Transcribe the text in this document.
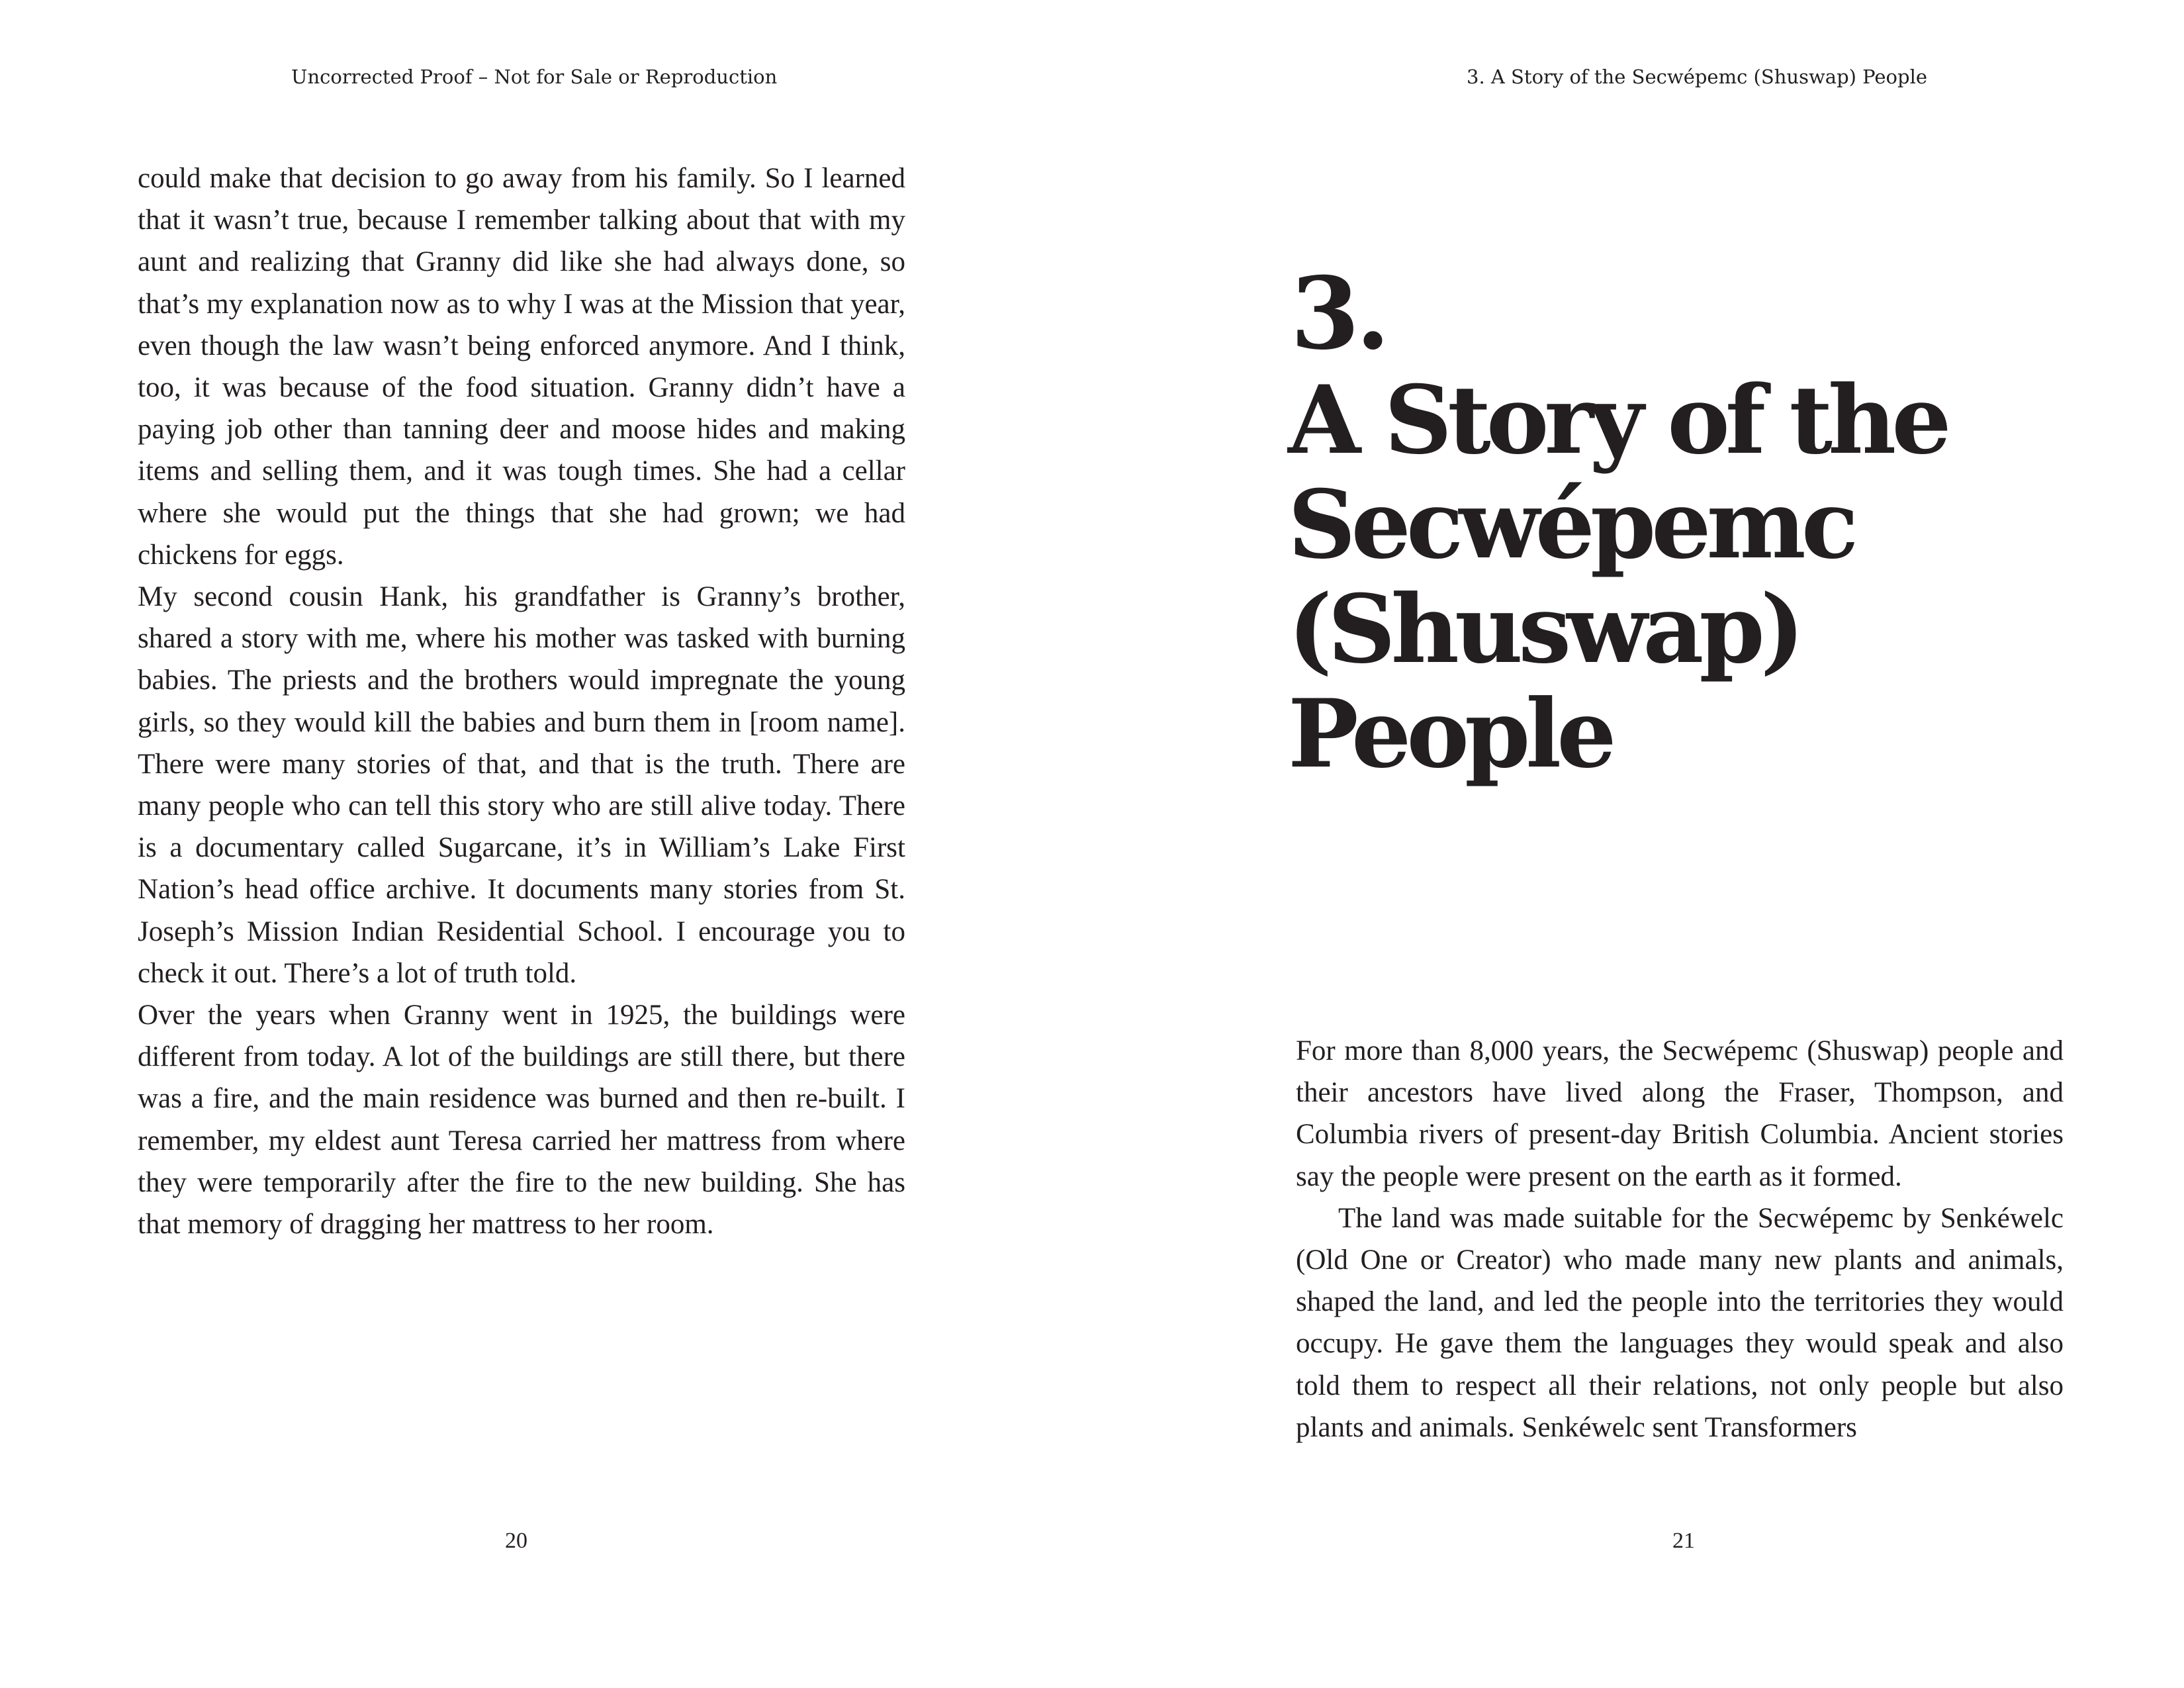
Uncorrected Proof – Not for Sale or Reproduction

could make that decision to go away from his family. So I learned that it wasn’t true, because I remember talking about that with my aunt and realizing that Granny did like she had always done, so that’s my explanation now as to why I was at the Mission that year, even though the law wasn’t being enforced anymore. And I think, too, it was because of the food situation. Granny didn’t have a paying job other than tanning deer and moose hides and making items and selling them, and it was tough times. She had a cellar where she would put the things that she had grown; we had chickens for eggs.

My second cousin Hank, his grandfather is Granny’s brother, shared a story with me, where his mother was tasked with burning babies. The priests and the brothers would impregnate the young girls, so they would kill the babies and burn them in [room name]. There were many stories of that, and that is the truth. There are many people who can tell this story who are still alive today. There is a documentary called Sugarcane, it’s in William’s Lake First Nation’s head office archive. It documents many stories from St. Joseph’s Mission Indian Residential School. I encourage you to check it out. There’s a lot of truth told.

Over the years when Granny went in 1925, the buildings were different from today. A lot of the buildings are still there, but there was a fire, and the main residence was burned and then re-built. I remember, my eldest aunt Teresa carried her mattress from where they were temporarily after the fire to the new building. She has that memory of dragging her mattress to her room.

20
3. A Story of the Secwépemc (Shuswap) People
3.
A Story of the
Secwépemc
(Shuswap)
People

For more than 8,000 years, the Secwépemc (Shuswap) people and their ancestors have lived along the Fraser, Thompson, and Columbia rivers of present-day British Columbia. Ancient stories say the people were present on the earth as it formed.

The land was made suitable for the Secwépemc by Senkéwelc (Old One or Creator) who made many new plants and animals, shaped the land, and led the people into the territories they would occupy. He gave them the languages they would speak and also told them to respect all their relations, not only people but also plants and animals. Senkéwelc sent Transformers

21
